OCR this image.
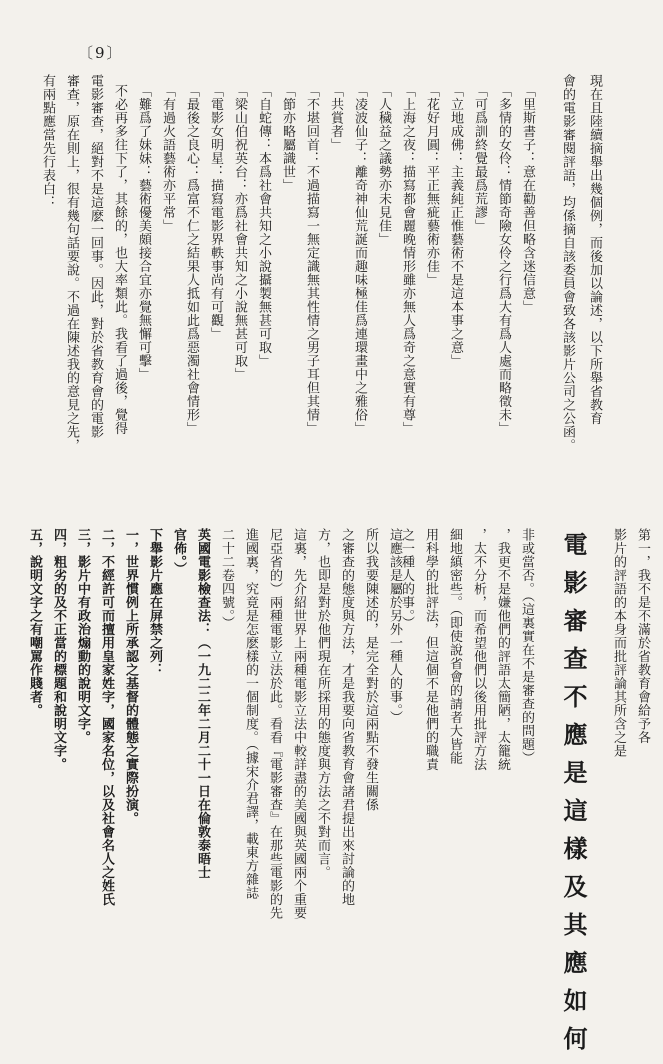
〔9〕
現在且陸續摘舉出幾個例，而後加以論述，以下所舉省教育
會的電影審閱評語，均係摘自該委員會致各該影片公司之公函。
「里斯書子：意在勸善但略含迷信意」
「多情的女伶：情節奇險女伶之行爲大有爲人處而略徵未」
「可爲訓終覺最爲荒謬」
「立地成佛：主義純正惟藝術不是這本事之意」
「花好月圓：平正無疵藝術亦佳」
「上海之夜：描寫都會麗晚情形雖亦無人爲奇之意實有尊」
「人穢益之議勢亦未見佳」
「凌波仙子：離奇神仙荒誕而趣味極佳爲連環畫中之雅俗」
「共賞者」
「不堪回首：不過描寫一無定識無其性情之男子耳但其情」
「節亦略屬識世」
「自蛇傳：本爲社會共知之小說攝製無甚可取」
「梁山伯祝英台：亦爲社會共知之小說無甚可取」
「電影女明星：描寫電影界軼事尚有可觀」
「最後之良心：爲富不仁之結果人抵如此爲惡濁社會情形」
「有過火語藝術亦平常」
「難爲了妹妹：藝術優美頗接合宜亦覺無懈可擊」
不必再多往下了，其餘的，也大率類此。我看了過後，覺得
電影審查，絕對不是這麽一回事。因此，對於省教育會的電影
審查，原在則上，很有幾句話要說。不過在陳述我的意見之先，
有兩點應當先行表白：
電影審查不應是這樣及其應如何	第一，我不是不滿於省教育會給予各
影片的評語的本身而批評論其所含之是
非或當否。（這裏實在不是審查的問題）
，我更不是嫌他們的評語太簡陋，太籠統
，太不分析，而希望他們以後用批評方法
細地縝密些。（即使說省會的請者大皆能
用科學的批評法，但這個不是他們的職責
之一種人的事。）
這應該是屬於另外一種人的事。）
所以我要陳述的，是完全對於這兩點不發生關係
之審查的態度與方法，才是我要向省教育會諸君提出來討論的地
方，也即是對於他們現在所採用的態度與方法之不對而言。
這裏，先介紹世界上兩種電影立法中較詳盡的美國與英國兩个重要
尼亞省的）兩種電影立法於此。看看『電影審查』在那些電影的先
進國裏，究竟是怎麽樣的一個制度。（據宋介君譯，載東方雜誌
二十二卷四號。）
英國電影檢查法：（一九二二年二月二十一日在倫敦泰晤士
官佈。）
下舉影片應在屏禁之列：
一，世界慣例上所承認之基督的體態之實際扮演。
二，不經許可而擅用皇家姓字，國家名位，以及社會名人之姓氏
三，影片中有政治煽動的說明文字。
四，粗劣的及不正當的標題和說明文字。
五，說明文字之有嘲罵作賤者。
